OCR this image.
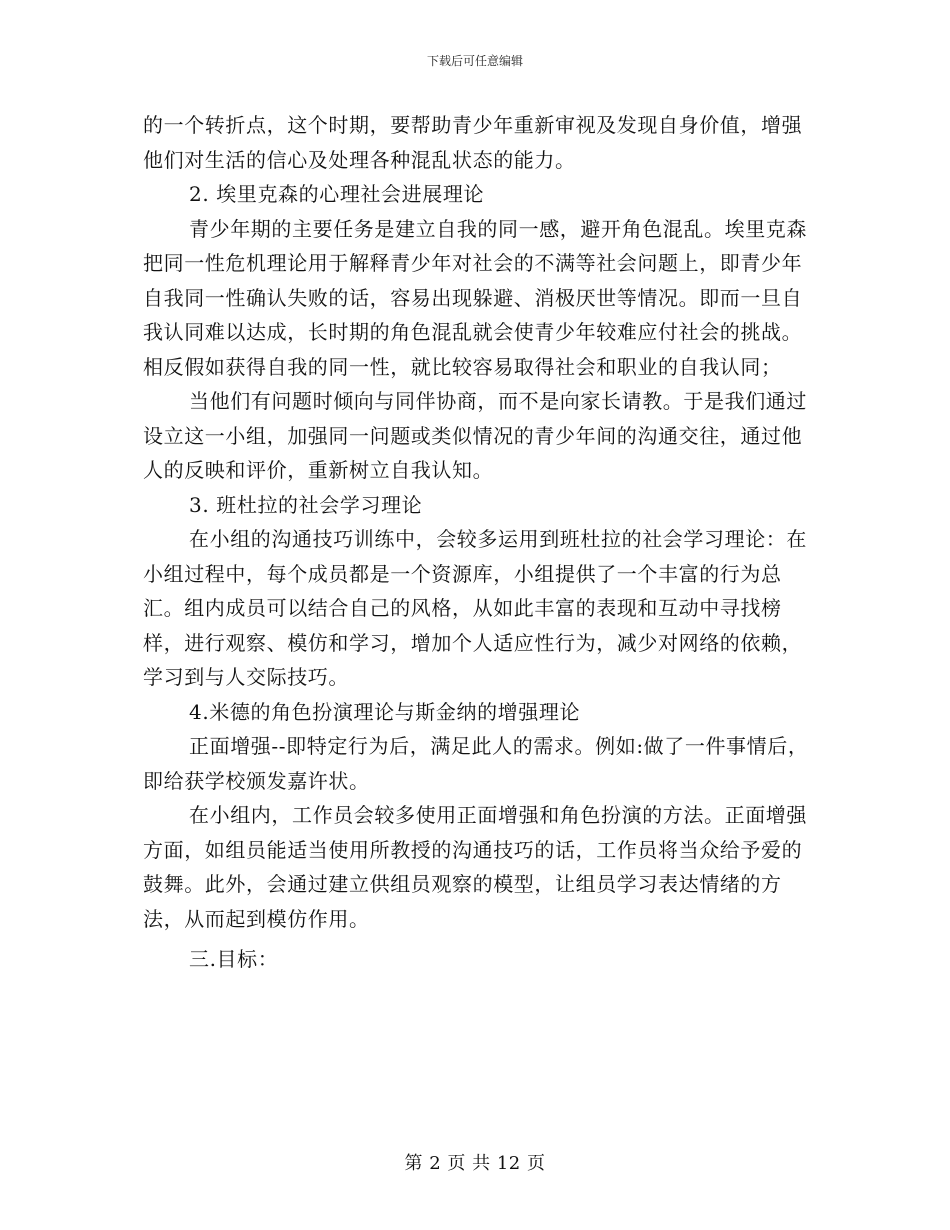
下载后可任意编辑

的一个转折点，这个时期，要帮助青少年重新审视及发现自身价值，增强他们对生活的信心及处理各种混乱状态的能力。

2. 埃里克森的心理社会进展理论

青少年期的主要任务是建立自我的同一感，避开角色混乱。埃里克森把同一性危机理论用于解释青少年对社会的不满等社会问题上，即青少年自我同一性确认失败的话，容易出现躲避、消极厌世等情况。即而一旦自我认同难以达成，长时期的角色混乱就会使青少年较难应付社会的挑战。相反假如获得自我的同一性，就比较容易取得社会和职业的自我认同；

当他们有问题时倾向与同伴协商，而不是向家长请教。于是我们通过设立这一小组，加强同一问题或类似情况的青少年间的沟通交往，通过他人的反映和评价，重新树立自我认知。

3. 班杜拉的社会学习理论

在小组的沟通技巧训练中，会较多运用到班杜拉的社会学习理论：在小组过程中，每个成员都是一个资源库，小组提供了一个丰富的行为总汇。组内成员可以结合自己的风格，从如此丰富的表现和互动中寻找榜样，进行观察、模仿和学习，增加个人适应性行为，减少对网络的依赖，学习到与人交际技巧。

4.米德的角色扮演理论与斯金纳的增强理论

正面增强--即特定行为后，满足此人的需求。例如:做了一件事情后，即给获学校颁发嘉许状。

在小组内，工作员会较多使用正面增强和角色扮演的方法。正面增强方面，如组员能适当使用所教授的沟通技巧的话，工作员将当众给予爱的鼓舞。此外，会通过建立供组员观察的模型，让组员学习表达情绪的方法，从而起到模仿作用。

三.目标：

第 2 页 共 12 页
